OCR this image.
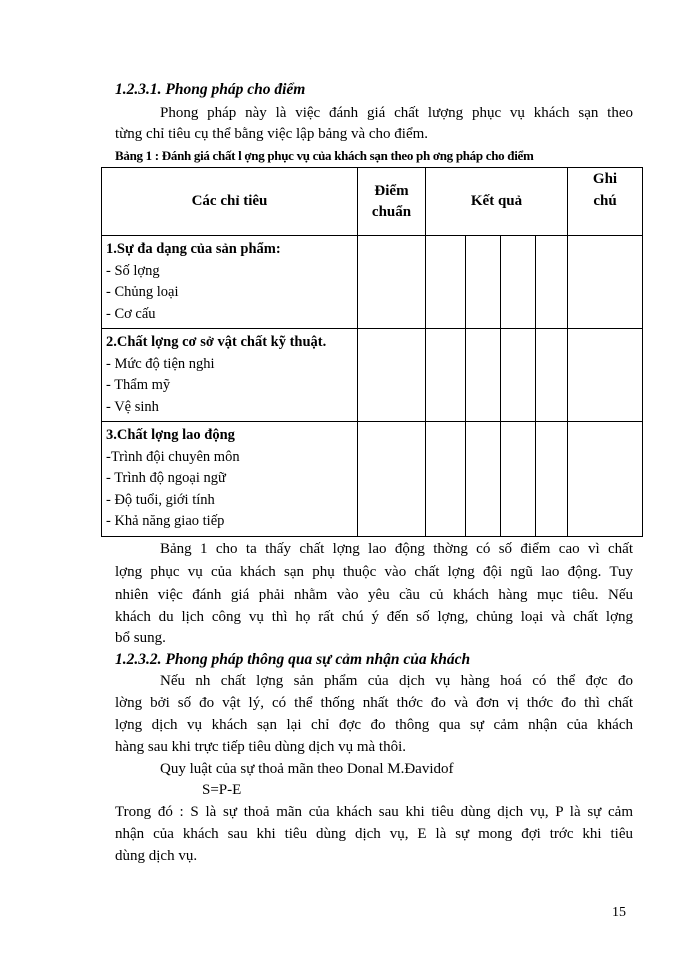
1.2.3.1. Phong pháp cho điểm
Phong pháp này là việc đánh giá chất lượng phục vụ khách sạn theo
từng chỉ tiêu cụ thể bằng việc lập bảng và cho điểm.
Bảng 1 : Đánh giá chất l ợng phục vụ của khách sạn theo ph ơng pháp cho điểm
Các chỉ tiêu	Điểm chuẩn	Kết quả				Ghi chú

1.Sự đa dạng của sản phẩm:
- Số lợng
- Chủng loại
- Cơ cấu						

2.Chất lợng cơ sở vật chất kỹ thuật.
- Mức độ tiện nghi
- Thẩm mỹ
- Vệ sinh						

3.Chất lợng lao động
-Trình đội chuyên môn
- Trình độ ngoại ngữ
- Độ tuổi, giới tính
- Khả năng giao tiếp						

Bảng 1 cho ta thấy chất lợng lao động thờng có số điểm cao vì chất
lợng phục vụ của khách sạn phụ thuộc vào chất lợng đội ngũ lao động. Tuy
nhiên việc đánh giá phải nhằm vào yêu cầu củ khách hàng mục tiêu. Nếu
khách du lịch công vụ thì họ rất chú ý đến số lợng, chủng loại và chất lợng
bổ sung.
1.2.3.2. Phong pháp thông qua sự cảm nhận của khách
Nếu nh chất lợng sản phẩm của dịch vụ hàng hoá có thể đợc đo
lờng bởi số đo vật lý, có thể thống nhất thớc đo và đơn vị thớc đo thì chất
lợng dịch vụ khách sạn lại chỉ đợc đo thông qua sự cảm nhận của khách
hàng sau khi trực tiếp tiêu dùng dịch vụ mà thôi.
Quy luật của sự thoả mãn theo Donal M.Đavidof
S=P-E
Trong đó : S là sự thoả mãn của khách sau khi tiêu dùng dịch vụ, P là sự cảm
nhận của khách sau khi tiêu dùng dịch vụ, E là sự mong đợi trớc khi tiêu
dùng dịch vụ.
15
